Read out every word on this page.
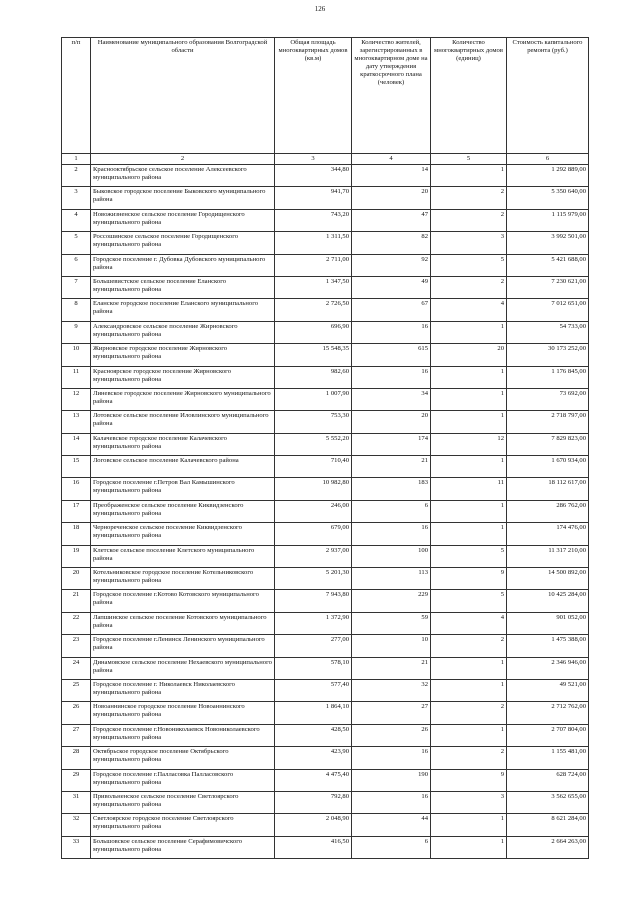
126
п/п	Наименование муниципального образования Волгоградской области	Общая площадь многоквартирных домов (кв.м)	Количество жителей, зарегистрированных в многоквартирном доме на дату утверждения краткосрочного плана (человек)	Количество многоквартирных домов (единиц)	Стоимость капитального ремонта (руб.)
1	2	3	4	5	6
2	Краснооктябрьское сельское поселение Алексеевского муниципального района	344,80	14	1	1 292 889,00
3	Быковское городское поселение Быковского муниципального района	941,70	20	2	5 350 640,00
4	Новожизненское сельское поселение Городищенского муниципального района	743,20	47	2	1 115 979,00
5	Россошинское сельское поселение Городищенского муниципального района	1 311,50	82	3	3 992 501,00
6	Городское поселение г. Дубовка Дубовского муниципального района	2 711,00	92	5	5 421 688,00
7	Большевистское сельское поселение Еланского муниципального района	1 347,50	49	2	7 230 621,00
8	Еланское городское поселение Еланского муниципального района	2 726,50	67	4	7 012 651,00
9	Александровское сельское поселение Жирновского муниципального района	696,90	16	1	54 733,00
10	Жирновское городское поселение Жирновского муниципального района	15 548,35	615	20	30 173 252,00
11	Красноярское городское поселение Жирновского муниципального района	982,60	16	1	1 176 845,00
12	Линевское городское поселение Жирновского муниципального района	1 007,90	34	1	73 692,00
13	Лотовское сельское поселение Иловлинского муниципального района	753,30	20	1	2 718 797,00
14	Калачевское городское поселение Калачевского муниципального района	5 552,20	174	12	7 829 823,00
15	Логовское сельское поселение Калачевского района	710,40	21	1	1 670 934,00
16	Городское поселение г.Петров Вал Камышинского муниципального района	10 982,80	183	11	18 112 617,00
17	Преображенское сельское поселение Киквидзенского муниципального района	246,00	6	1	286 762,00
18	Чернореченское сельское поселение Киквидзенского муниципального района	679,00	16	1	174 476,00
19	Клетское сельское поселение Клетского муниципального района	2 937,00	100	5	11 317 210,00
20	Котельниковское городское поселение Котельниковского муниципального района	5 201,30	113	9	14 500 892,00
21	Городское поселение г.Котово Котовского муниципального района	7 943,80	229	5	10 425 284,00
22	Лапшинское сельское поселение Котовского муниципального района	1 372,90	59	4	901 052,00
23	Городское поселение г.Ленинск Ленинского муниципального района	277,00	10	2	1 475 388,00
24	Динамовское сельское поселение Нехаевского муниципального района	578,10	21	1	2 346 946,00
25	Городское поселение г. Николаевск Николаевского муниципального района	577,40	32	1	49 521,00
26	Новоаннинское городское поселение Новоаннинского муниципального района	1 864,10	27	2	2 712 762,00
27	Городское поселение г.Новониколаевск Новониколаевского муниципального района	428,50	26	1	2 707 804,00
28	Октябрьское городское поселение Октябрьского муниципального района	423,90	16	2	1 155 481,00
29	Городское поселение г.Палласовка Палласовского муниципального района	4 475,40	190	9	628 724,00
31	Привольненское сельское поселение Светлоярского муниципального района	792,80	16	3	3 562 655,00
32	Светлоярское городское поселение Светлоярского муниципального района	2 048,90	44	1	8 621 284,00
33	Большовское сельское поселение Серафимовичского муниципального района	416,50	6	1	2 664 263,00
